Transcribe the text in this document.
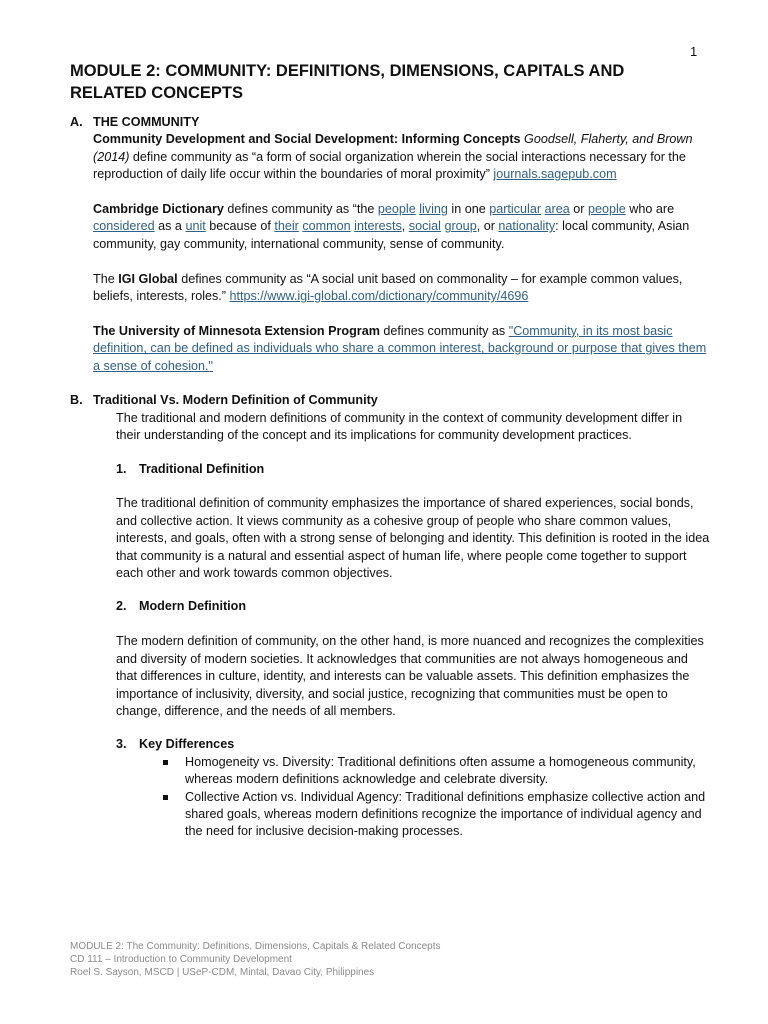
1
MODULE 2: COMMUNITY: DEFINITIONS, DIMENSIONS, CAPITALS AND RELATED CONCEPTS
A. THE COMMUNITY

Community Development and Social Development: Informing Concepts Goodsell, Flaherty, and Brown (2014) define community as “a form of social organization wherein the social interactions necessary for the reproduction of daily life occur within the boundaries of moral proximity” journals.sagepub.com

Cambridge Dictionary defines community as “the people living in one particular area or people who are considered as a unit because of their common interests, social group, or nationality: local community, Asian community, gay community, international community, sense of community.

The IGI Global defines community as “A social unit based on commonality – for example common values, beliefs, interests, roles.” https://www.igi-global.com/dictionary/community/4696

The University of Minnesota Extension Program defines community as "Community, in its most basic definition, can be defined as individuals who share a common interest, background or purpose that gives them a sense of cohesion."

B. Traditional Vs. Modern Definition of Community

The traditional and modern definitions of community in the context of community development differ in their understanding of the concept and its implications for community development practices.

1. Traditional Definition

The traditional definition of community emphasizes the importance of shared experiences, social bonds, and collective action. It views community as a cohesive group of people who share common values, interests, and goals, often with a strong sense of belonging and identity. This definition is rooted in the idea that community is a natural and essential aspect of human life, where people come together to support each other and work towards common objectives.

2. Modern Definition

The modern definition of community, on the other hand, is more nuanced and recognizes the complexities and diversity of modern societies. It acknowledges that communities are not always homogeneous and that differences in culture, identity, and interests can be valuable assets. This definition emphasizes the importance of inclusivity, diversity, and social justice, recognizing that communities must be open to change, difference, and the needs of all members.

3. Key Differences
Homogeneity vs. Diversity: Traditional definitions often assume a homogeneous community, whereas modern definitions acknowledge and celebrate diversity.
Collective Action vs. Individual Agency: Traditional definitions emphasize collective action and shared goals, whereas modern definitions recognize the importance of individual agency and the need for inclusive decision-making processes.
MODULE 2: The Community: Definitions, Dimensions, Capitals & Related Concepts
CD 111 – Introduction to Community Development
Roel S. Sayson, MSCD | USeP-CDM, Mintal, Davao City, Philippines
